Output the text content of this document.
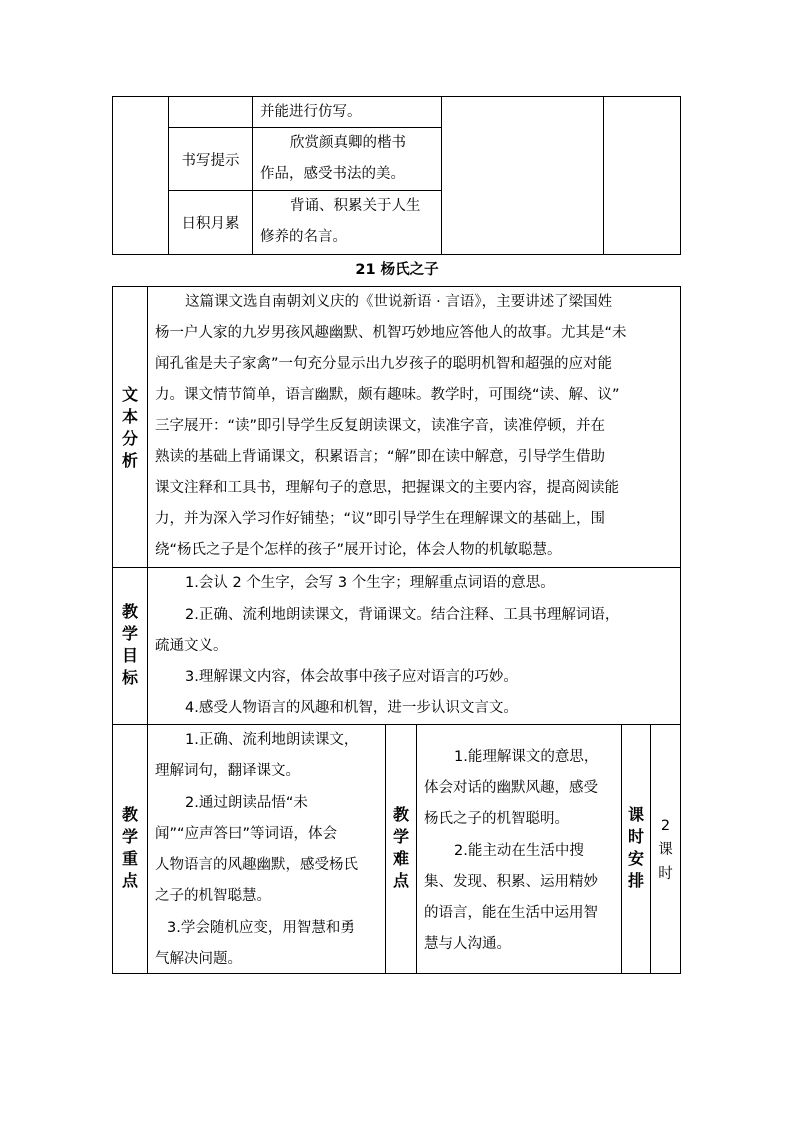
并能进行仿写。
书写提示
欣赏颜真卿的楷书
作品，感受书法的美。
日积月累
背诵、积累关于人生
修养的名言。
21 杨氏之子
文
本
分
析
这篇课文选自南朝刘义庆的《世说新语 · 言语》，主要讲述了梁国姓
杨一户人家的九岁男孩风趣幽默、机智巧妙地应答他人的故事。尤其是“未
闻孔雀是夫子家禽”一句充分显示出九岁孩子的聪明机智和超强的应对能
力。课文情节简单，语言幽默，颇有趣味。教学时，可围绕“读、解、议”
三字展开：“读”即引导学生反复朗读课文，读准字音，读准停顿，并在
熟读的基础上背诵课文，积累语言；“解”即在读中解意，引导学生借助
课文注释和工具书，理解句子的意思，把握课文的主要内容，提高阅读能
力，并为深入学习作好铺垫；“议”即引导学生在理解课文的基础上，围
绕“杨氏之子是个怎样的孩子”展开讨论，体会人物的机敏聪慧。
教
学
目
标
1.会认 2 个生字，会写 3 个生字；理解重点词语的意思。
2.正确、流利地朗读课文，背诵课文。结合注释、工具书理解词语，
疏通文义。
3.理解课文内容，体会故事中孩子应对语言的巧妙。
4.感受人物语言的风趣和机智，进一步认识文言文。
教
学
重
点
1.正确、流利地朗读课文，
理解词句，翻译课文。
2.通过朗读品悟“未
闻”“应声答曰”等词语，体会
人物语言的风趣幽默，感受杨氏
之子的机智聪慧。
3.学会随机应变，用智慧和勇
气解决问题。
教
学
难
点
1.能理解课文的意思，
体会对话的幽默风趣，感受
杨氏之子的机智聪明。
2.能主动在生活中搜
集、发现、积累、运用精妙
的语言，能在生活中运用智
慧与人沟通。
课
时
安
排
2
课
时
